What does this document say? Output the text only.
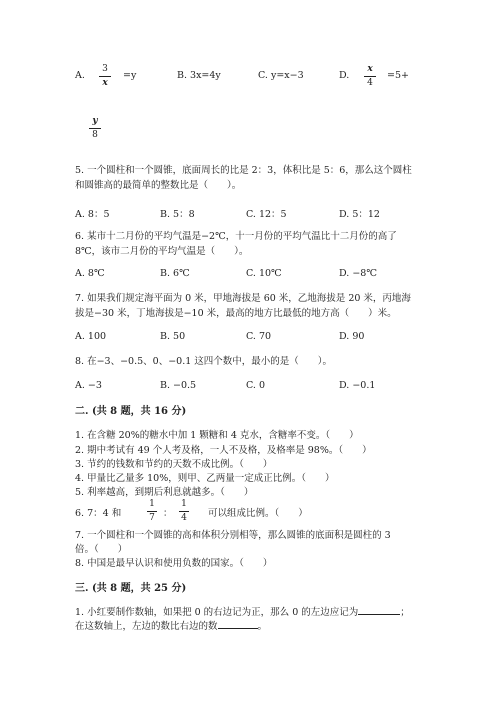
A.
3
x
=y	B. 3x=4y	C. y=x−3	D.
x
4
=5+
y
8
5. 一个圆柱和一个圆锥，底面周长的比是 2：3，体积比是 5：6，那么这个圆柱
和圆锥高的最简单的整数比是（　　）。
A. 8：5	B. 5：8	C. 12：5	D. 5：12
6. 某市十二月份的平均气温是−2℃，十一月份的平均气温比十二月份的高了
8℃，该市二月份的平均气温是（　　）。
A. 8℃	B. 6℃	C. 10℃	D. −8℃
7. 如果我们规定海平面为 0 米，甲地海拔是 60 米，乙地海拔是 20 米，丙地海
拔是−30 米，丁地海拔是−10 米，最高的地方比最低的地方高（　　）米。
A. 100	B. 50	C. 70	D. 90
8. 在−3、−0.5、0、−0.1 这四个数中，最小的是（　　）。
A. −3	B. −0.5	C. 0	D. −0.1
二. (共 8 题，共 16 分)
1. 在含糖 20%的糖水中加 1 颗糖和 4 克水，含糖率不变。（　　）
2. 期中考试有 49 个人考及格，一人不及格，及格率是 98%。（　　）
3. 节约的钱数和节约的天数不成比例。（　　）
4. 甲量比乙量多 10%，则甲、乙两量一定成正比例。（　　）
5. 利率越高，到期后利息就越多。（　　）
6. 7：4 和
1
7 ：
1
4 可以组成比例。（　　）
7. 一个圆柱和一个圆锥的高和体积分别相等，那么圆锥的底面积是圆柱的 3
倍。（　　）
8. 中国是最早认识和使用负数的国家。（　　）
三. (共 8 题，共 25 分)
1. 小红要制作数轴，如果把 0 的右边记为正，那么 0 的左边应记为	；
在这数轴上，左边的数比右边的数	。
